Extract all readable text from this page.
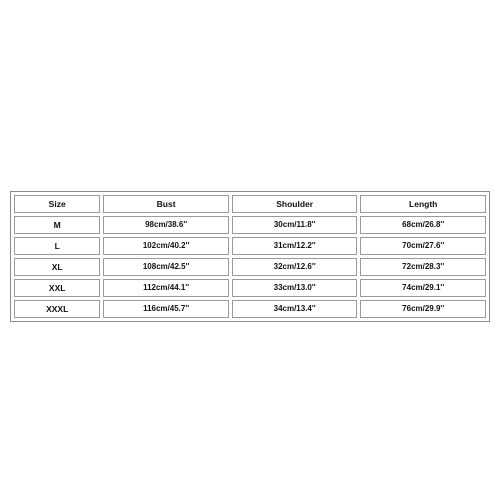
Size	Bust	Shoulder	Length
M	98cm/38.6''	30cm/11.8''	68cm/26.8''
L	102cm/40.2''	31cm/12.2''	70cm/27.6''
XL	108cm/42.5''	32cm/12.6''	72cm/28.3''
XXL	112cm/44.1''	33cm/13.0''	74cm/29.1''
XXXL	116cm/45.7''	34cm/13.4''	76cm/29.9''
